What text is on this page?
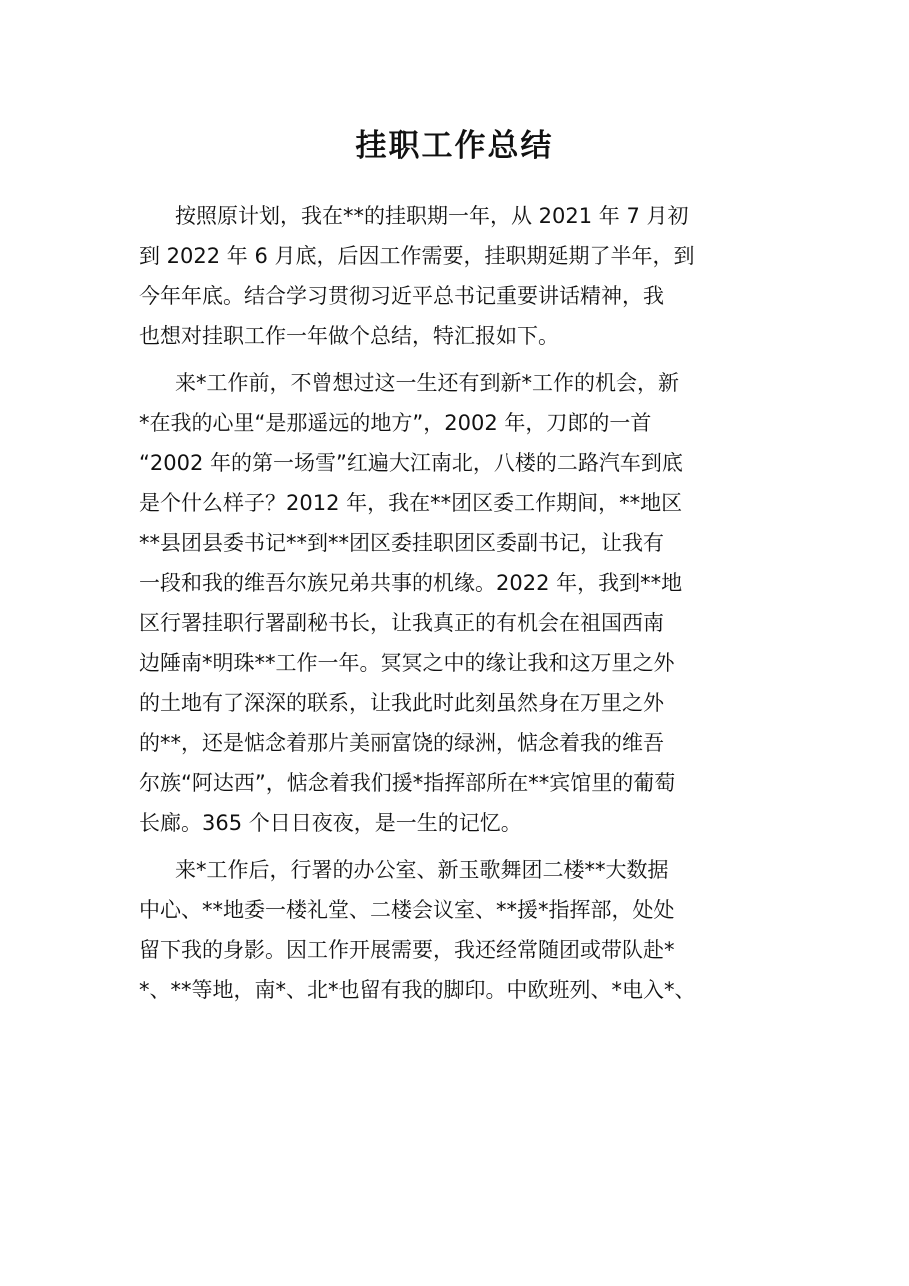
挂职工作总结
按照原计划，我在**的挂职期一年，从 2021 年 7 月初
到 2022 年 6 月底，后因工作需要，挂职期延期了半年，到
今年年底。结合学习贯彻习近平总书记重要讲话精神，我
也想对挂职工作一年做个总结，特汇报如下。
来*工作前，不曾想过这一生还有到新*工作的机会，新
*在我的心里“是那遥远的地方”，2002 年，刀郎的一首
“2002 年的第一场雪”红遍大江南北，八楼的二路汽车到底
是个什么样子？2012 年，我在**团区委工作期间，**地区
**县团县委书记**到**团区委挂职团区委副书记，让我有
一段和我的维吾尔族兄弟共事的机缘。2022 年，我到**地
区行署挂职行署副秘书长，让我真正的有机会在祖国西南
边陲南*明珠**工作一年。冥冥之中的缘让我和这万里之外
的土地有了深深的联系，让我此时此刻虽然身在万里之外
的**，还是惦念着那片美丽富饶的绿洲，惦念着我的维吾
尔族“阿达西”，惦念着我们援*指挥部所在**宾馆里的葡萄
长廊。365 个日日夜夜，是一生的记忆。
来*工作后，行署的办公室、新玉歌舞团二楼**大数据
中心、**地委一楼礼堂、二楼会议室、**援*指挥部，处处
留下我的身影。因工作开展需要，我还经常随团或带队赴*
*、**等地，南*、北*也留有我的脚印。中欧班列、*电入*、
